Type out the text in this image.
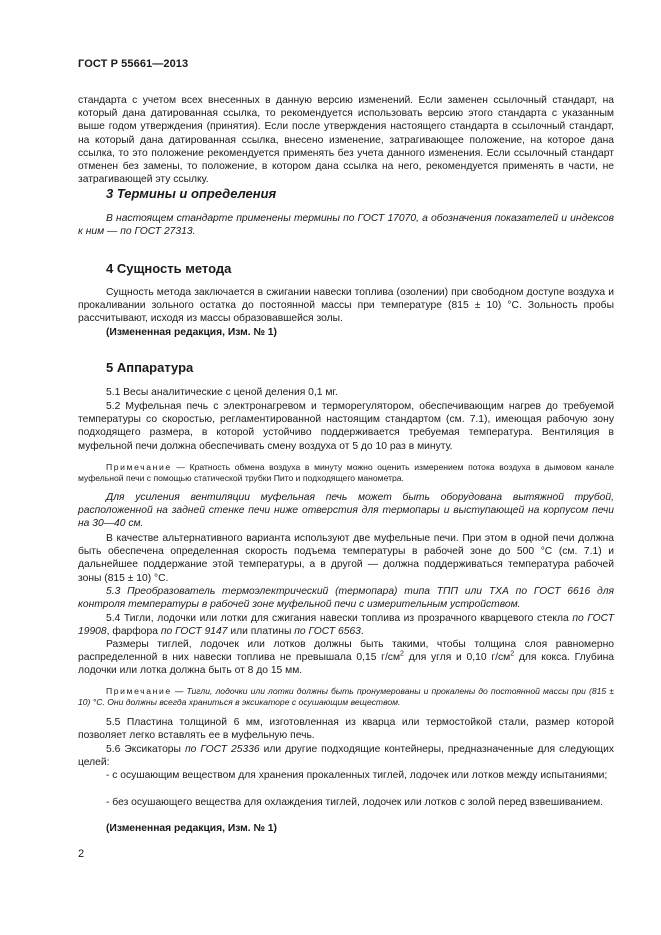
ГОСТ Р 55661—2013

стандарта с учетом всех внесенных в данную версию изменений. Если заменен ссылочный стандарт, на который дана датированная ссылка, то рекомендуется использовать версию этого стандарта с указанным выше годом утверждения (принятия). Если после утверждения настоящего стандарта в ссылочный стандарт, на который дана датированная ссылка, внесено изменение, затрагивающее положение, на которое дана ссылка, то это положение рекомендуется применять без учета данного изменения. Если ссылочный стандарт отменен без замены, то положение, в котором дана ссылка на него, рекомендуется применять в части, не затрагивающей эту ссылку.

3 Термины и определения

В настоящем стандарте применены термины по ГОСТ 17070, а обозначения показателей и индексов к ним — по ГОСТ 27313.

4 Сущность метода

Сущность метода заключается в сжигании навески топлива (озолении) при свободном доступе воздуха и прокаливании зольного остатка до постоянной массы при температуре (815 ± 10) °С. Зольность пробы рассчитывают, исходя из массы образовавшейся золы.

(Измененная редакция, Изм. № 1)

5 Аппаратура

5.1 Весы аналитические с ценой деления 0,1 мг.

5.2 Муфельная печь с электронагревом и терморегулятором, обеспечивающим нагрев до требуемой температуры со скоростью, регламентированной настоящим стандартом (см. 7.1), имеющая рабочую зону подходящего размера, в которой устойчиво поддерживается требуемая температура. Вентиляция в муфельной печи должна обеспечивать смену воздуха от 5 до 10 раз в минуту.

Примечание — Кратность обмена воздуха в минуту можно оценить измерением потока воздуха в дымовом канале муфельной печи с помощью статической трубки Пито и подходящего манометра.

Для усиления вентиляции муфельная печь может быть оборудована вытяжной трубой, расположенной на задней стенке печи ниже отверстия для термопары и выступающей на корпусом печи на 30—40 см.

В качестве альтернативного варианта используют две муфельные печи. При этом в одной печи должна быть обеспечена определенная скорость подъема температуры в рабочей зоне до 500 °С (см. 7.1) и дальнейшее поддержание этой температуры, а в другой — должна поддерживаться температура рабочей зоны (815 ± 10) °С.

5.3 Преобразователь термоэлектрический (термопара) типа ТПП или ТХА по ГОСТ 6616 для контроля температуры в рабочей зоне муфельной печи с измерительным устройством.

5.4 Тигли, лодочки или лотки для сжигания навески топлива из прозрачного кварцевого стекла по ГОСТ 19908, фарфора по ГОСТ 9147 или платины по ГОСТ 6563.

Размеры тиглей, лодочек или лотков должны быть такими, чтобы толщина слоя равномерно распределенной в них навески топлива не превышала 0,15 $г/см^2$ для угля и 0,10 $г/см^2$ для кокса. Глубина лодочки или лотка должна быть от 8 до 15 мм.

Примечание — Тигли, лодочки или лотки должны быть пронумерованы и прокалены до постоянной массы при (815 ± 10) °С. Они должны всегда храниться в эксикаторе с осушающим веществом.

5.5 Пластина толщиной 6 мм, изготовленная из кварца или термостойкой стали, размер которой позволяет легко вставлять ее в муфельную печь.

5.6 Эксикаторы по ГОСТ 25336 или другие подходящие контейнеры, предназначенные для следующих целей:

- с осушающим веществом для хранения прокаленных тиглей, лодочек или лотков между испытаниями;

- без осушающего вещества для охлаждения тиглей, лодочек или лотков с золой перед взвешиванием.

(Измененная редакция, Изм. № 1)

2
